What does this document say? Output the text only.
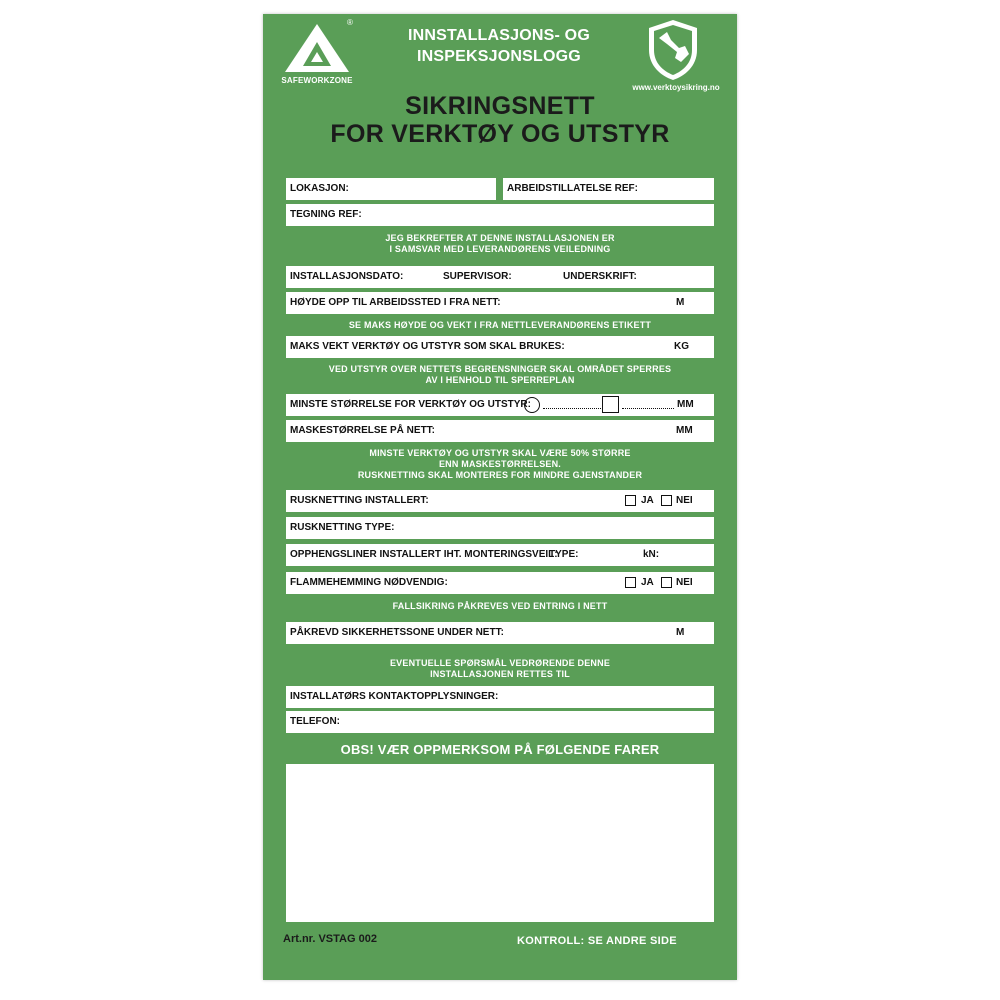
®
SAFEWORKZONE
INNSTALLASJONS- OG
INSPEKSJONSLOGG
www.verktoysikring.no
SIKRINGSNETT
FOR VERKTØY OG UTSTYR
LOKASJON:	ARBEIDSTILLATELSE REF:
TEGNING REF:
JEG BEKREFTER AT DENNE INSTALLASJONEN ER
I SAMSVAR MED LEVERANDØRENS VEILEDNING
INSTALLASJONSDATO:	SUPERVISOR:	UNDERSKRIFT:
HØYDE OPP TIL ARBEIDSSTED I FRA NETT:	M
SE MAKS HØYDE OG VEKT I FRA NETTLEVERANDØRENS ETIKETT
MAKS VEKT VERKTØY OG UTSTYR SOM SKAL BRUKES:	KG
VED UTSTYR OVER NETTETS BEGRENSNINGER SKAL OMRÅDET SPERRES
AV I HENHOLD TIL SPERREPLAN
MINSTE STØRRELSE FOR VERKTØY OG UTSTYR:	MM
MASKESTØRRELSE PÅ NETT:	MM
MINSTE VERKTØY OG UTSTYR SKAL VÆRE 50% STØRRE
ENN MASKESTØRRELSEN.
RUSKNETTING SKAL MONTERES FOR MINDRE GJENSTANDER
RUSKNETTING INSTALLERT:	JA NEI
RUSKNETTING TYPE:
OPPHENGSLINER INSTALLERT IHT. MONTERINGSVEIL:
TYPE:	kN:
FLAMMEHEMMING NØDVENDIG:	JA NEI
FALLSIKRING PÅKREVES VED ENTRING I NETT
PÅKREVD SIKKERHETSSONE UNDER NETT:	M
EVENTUELLE SPØRSMÅL VEDRØRENDE DENNE
INSTALLASJONEN RETTES TIL
INSTALLATØRS KONTAKTOPPLYSNINGER:
TELEFON:
OBS! VÆR OPPMERKSOM PÅ FØLGENDE FARER
Art.nr. VSTAG 002	KONTROLL: SE ANDRE SIDE
